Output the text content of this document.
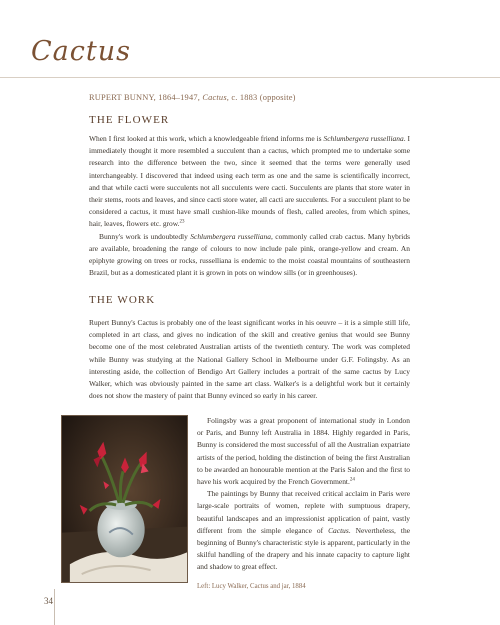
Cactus
RUPERT BUNNY, 1864–1947, Cactus, c. 1883 (opposite)
THE FLOWER

When I first looked at this work, which a knowledgeable friend informs me is Schlumbergera russelliana. I immediately thought it more resembled a succulent than a cactus, which prompted me to undertake some research into the difference between the two, since it seemed that the terms were generally used interchangeably. I discovered that indeed using each term as one and the same is scientifically incorrect, and that while cacti were succulents not all succulents were cacti. Succulents are plants that store water in their stems, roots and leaves, and since cacti store water, all cacti are succulents. For a succulent plant to be considered a cactus, it must have small cushion-like mounds of flesh, called areoles, from which spines, hair, leaves, flowers etc. grow.$^{23}$

Bunny's work is undoubtedly Schlumbergera russelliana, commonly called crab cactus. Many hybrids are available, broadening the range of colours to now include pale pink, orange-yellow and cream. An epiphyte growing on trees or rocks, russelliana is endemic to the moist coastal mountains of southeastern Brazil, but as a domesticated plant it is grown in pots on window sills (or in greenhouses).

THE WORK

Rupert Bunny's Cactus is probably one of the least significant works in his oeuvre – it is a simple still life, completed in art class, and gives no indication of the skill and creative genius that would see Bunny become one of the most celebrated Australian artists of the twentieth century. The work was completed while Bunny was studying at the National Gallery School in Melbourne under G.F. Folingsby. As an interesting aside, the collection of Bendigo Art Gallery includes a portrait of the same cactus by Lucy Walker, which was obviously painted in the same art class. Walker's is a delightful work but it certainly does not show the mastery of paint that Bunny evinced so early in his career.

Folingsby was a great proponent of international study in London or Paris, and Bunny left Australia in 1884. Highly regarded in Paris, Bunny is considered the most successful of all the Australian expatriate artists of the period, holding the distinction of being the first Australian to be awarded an honourable mention at the Paris Salon and the first to have his work acquired by the French Government.$^{24}$

The paintings by Bunny that received critical acclaim in Paris were large-scale portraits of women, replete with sumptuous drapery, beautiful landscapes and an impressionist application of paint, vastly different from the simple elegance of Cactus. Nevertheless, the beginning of Bunny's characteristic style is apparent, particularly in the skilful handling of the drapery and his innate capacity to capture light and shadow to great effect.

Left: Lucy Walker, Cactus and jar, 1884
34
